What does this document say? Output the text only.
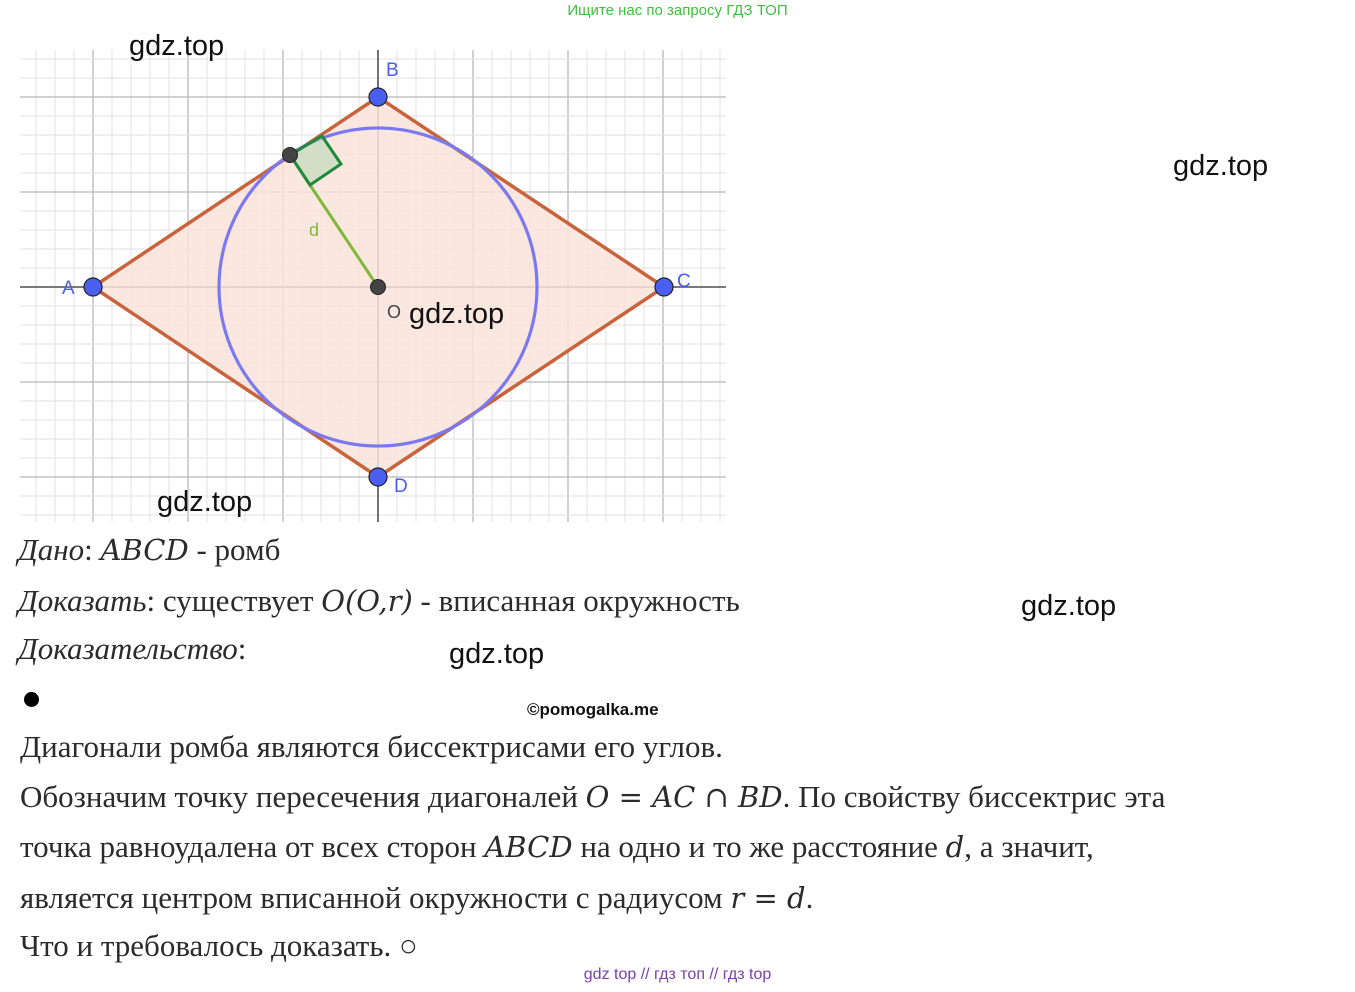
Ищите нас по запросу ГДЗ ТОП
A
B
C
D
O
d
gdz.top
gdz.top
gdz.top
gdz.top
gdz.top
gdz.top
Дано: ABCD - ромб
Доказать: существует O(O,r) - вписанная окружность
Доказательство:
©pomogalka.me
Диагонали ромба являются биссектрисами его углов.
Обозначим точку пересечения диагоналей O = AC ∩ BD. По свойству биссектрис эта
точка равноудалена от всех сторон ABCD на одно и то же расстояние d, а значит,
является центром вписанной окружности с радиусом r = d.
Что и требовалось доказать. ○
gdz top // гдз топ // гдз top
